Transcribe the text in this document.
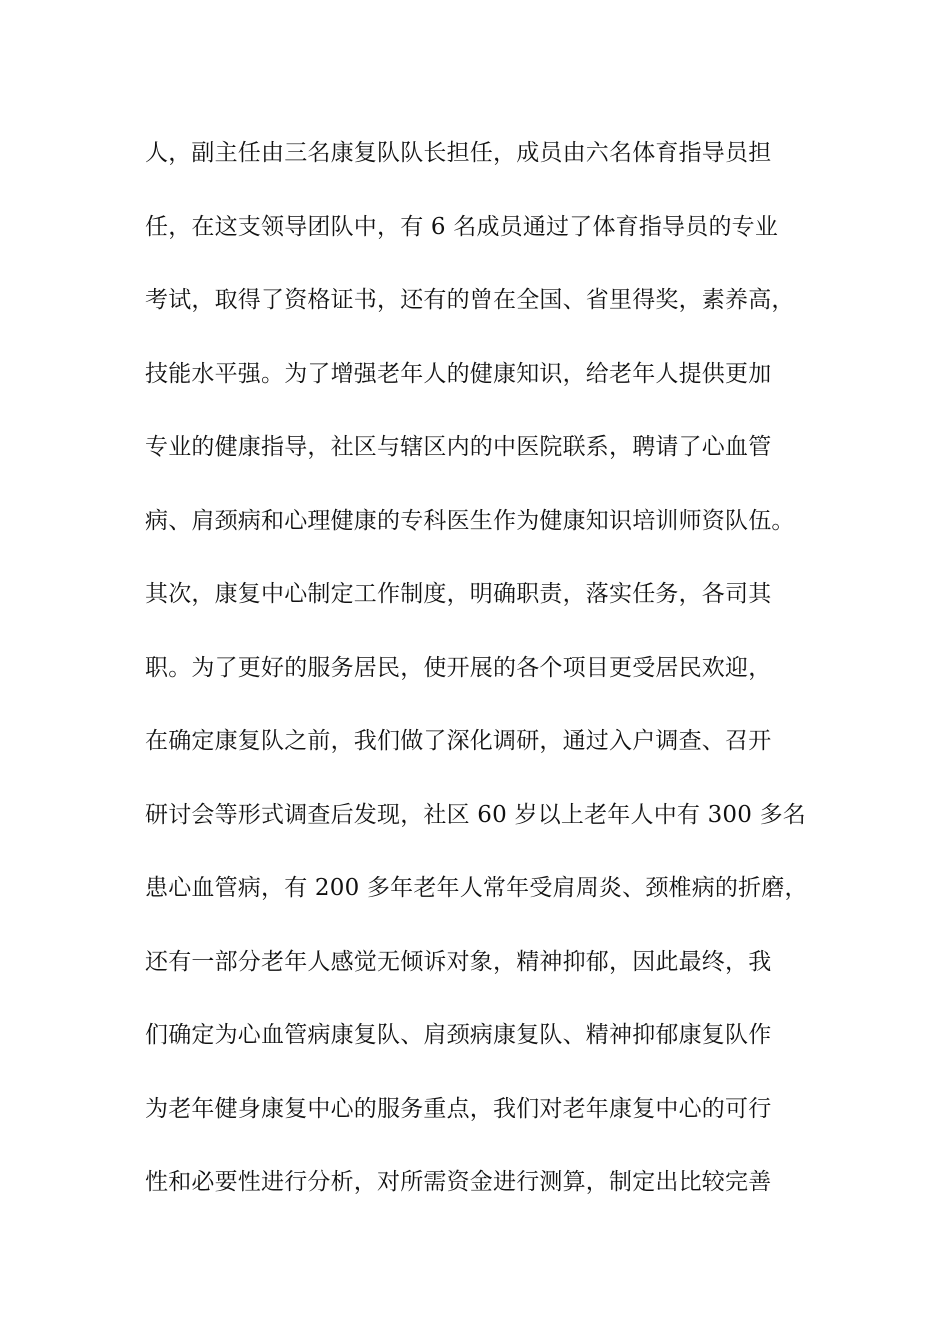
人，副主任由三名康复队队长担任，成员由六名体育指导员担
任，在这支领导团队中，有 6 名成员通过了体育指导员的专业
考试，取得了资格证书，还有的曾在全国、省里得奖，素养高，
技能水平强。为了增强老年人的健康知识，给老年人提供更加
专业的健康指导，社区与辖区内的中医院联系，聘请了心血管
病、肩颈病和心理健康的专科医生作为健康知识培训师资队伍。
其次，康复中心制定工作制度，明确职责，落实任务，各司其
职。为了更好的服务居民，使开展的各个项目更受居民欢迎，
在确定康复队之前，我们做了深化调研，通过入户调查、召开
研讨会等形式调查后发现，社区 60 岁以上老年人中有 300 多名
患心血管病，有 200 多年老年人常年受肩周炎、颈椎病的折磨，
还有一部分老年人感觉无倾诉对象，精神抑郁，因此最终，我
们确定为心血管病康复队、肩颈病康复队、精神抑郁康复队作
为老年健身康复中心的服务重点，我们对老年康复中心的可行
性和必要性进行分析，对所需资金进行测算，制定出比较完善
